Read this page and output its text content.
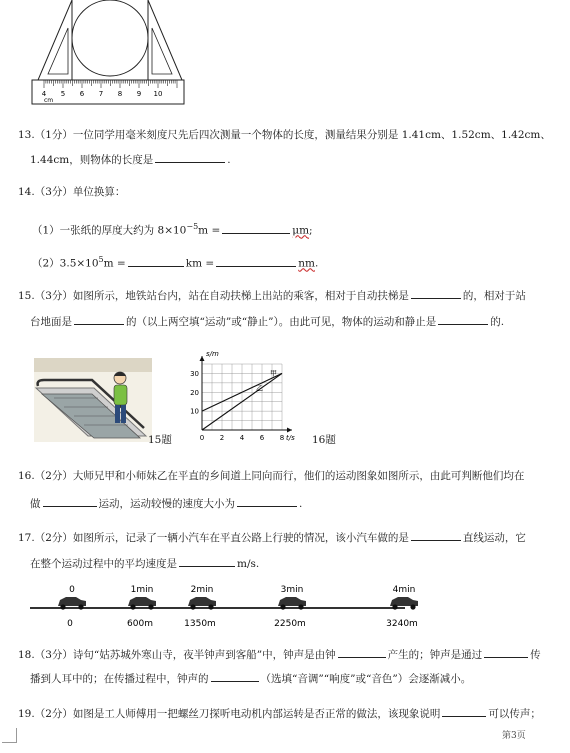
4 5 6 7 8 9 10
cm
13.（1分）一位同学用毫米刻度尺先后四次测量一个物体的长度，测量结果分别是 1.41cm、1.52cm、1.42cm、
1.44cm，则物体的长度是	.
14.（3分）单位换算：
（1）一张纸的厚度大约为 $8\times 10^{-5}m$ =	μm;
$(2)3.5\times 10^5m$ =	km =	nm.
15.（3分）如图所示，地铁站台内，站在自动扶梯上出站的乘客，相对于自动扶梯是	的，相对于站
台地面是	的（以上两空填“运动”或“静止”）。由此可见，物体的运动和静止是	的.
15题	0 2 4 6 8
10
20
30
s/m
t/s
甲
乙
16题
16.（2分）大师兄甲和小师妹乙在平直的乡间道上同向而行，他们的运动图象如图所示，由此可判断他们均在
做	运动，运动较慢的速度大小为	.
17.（2分）如图所示，记录了一辆小汽车在平直公路上行驶的情况，该小汽车做的是	直线运动，它
在整个运动过程中的平均速度是	m/s.
0
0
1min
600m
2min
1350m
3min
2250m
4min
3240m
18.（3分）诗句“姑苏城外寒山寺，夜半钟声到客船”中，钟声是由钟	产生的；钟声是通过	传
播到人耳中的；在传播过程中，钟声的	（选填“音调”“响度”或“音色”）会逐渐减小。
19.（2分）如图是工人师傅用一把螺丝刀探听电动机内部运转是否正常的做法，该现象说明	可以传声；
第3页
